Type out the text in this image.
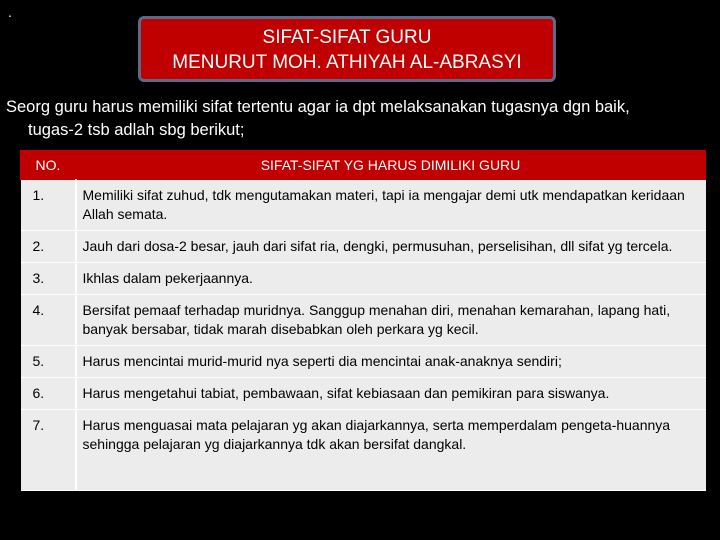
.
SIFAT-SIFAT GURU
MENURUT MOH. ATHIYAH AL-ABRASYI
Seorg guru harus memiliki sifat tertentu agar ia dpt melaksanakan tugasnya dgn baik,
tugas-2 tsb adlah sbg berikut;
NO.	SIFAT-SIFAT YG HARUS DIMILIKI GURU
1.	Memiliki sifat zuhud, tdk mengutamakan materi, tapi ia mengajar demi utk mendapatkan keridaan Allah semata.
2.	Jauh dari dosa-2 besar, jauh dari sifat ria, dengki, permusuhan, perselisihan, dll sifat yg tercela.
3.	Ikhlas dalam pekerjaannya.
4.	Bersifat pemaaf terhadap muridnya. Sanggup menahan diri, menahan kemarahan, lapang hati, banyak bersabar, tidak marah disebabkan oleh perkara yg kecil.
5.	Harus mencintai murid-murid nya seperti dia mencintai anak-anaknya sendiri;
6.	Harus mengetahui tabiat, pembawaan, sifat kebiasaan dan pemikiran para siswanya.
7.	Harus menguasai mata pelajaran yg akan diajarkannya, serta memperdalam pengeta-huannya sehingga pelajaran yg diajarkannya tdk akan bersifat dangkal.
